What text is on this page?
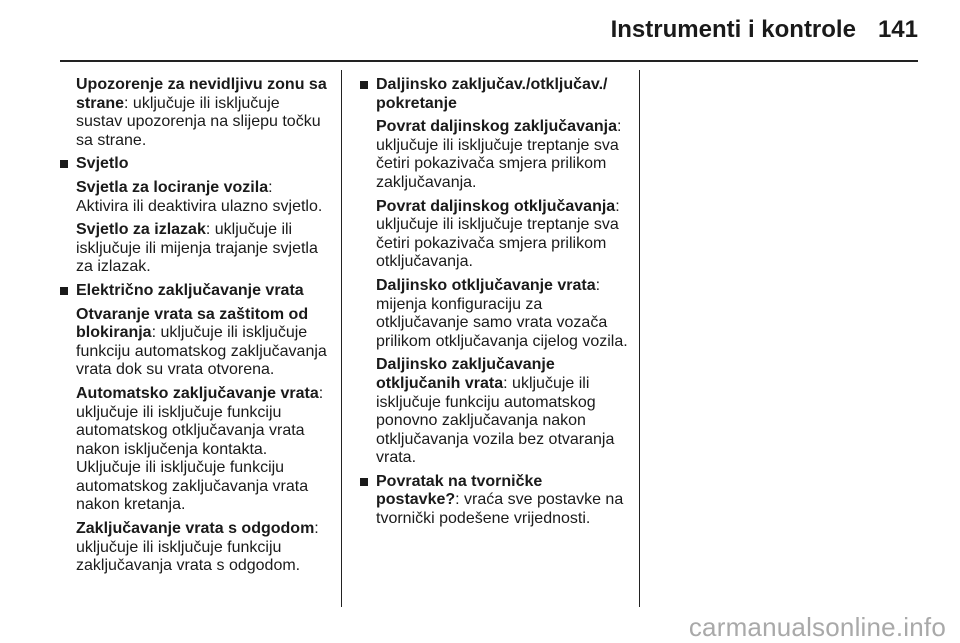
Instrumenti i kontrole 141

Upozorenje za nevidljivu zonu sa strane: uključuje ili isključuje sustav upozorenja na slijepu točku sa strane.

Svjetlo

Svjetla za lociranje vozila: Aktivira ili deaktivira ulazno svjetlo.

Svjetlo za izlazak: uključuje ili isključuje ili mijenja trajanje svjetla za izlazak.

Električno zaključavanje vrata

Otvaranje vrata sa zaštitom od blokiranja: uključuje ili isključuje funkciju automatskog zaključavanja vrata dok su vrata otvorena.

Automatsko zaključavanje vrata: uključuje ili isključuje funkciju automatskog otključavanja vrata nakon isključenja kontakta. Uključuje ili isključuje funkciju automatskog zaključavanja vrata nakon kretanja.

Zaključavanje vrata s odgodom: uključuje ili isključuje funkciju zaključavanja vrata s odgodom.

Daljinsko zaključav./otključav./ pokretanje

Povrat daljinskog zaključavanja: uključuje ili isključuje treptanje sva četiri pokazivača smjera prilikom zaključavanja.

Povrat daljinskog otključavanja: uključuje ili isključuje treptanje sva četiri pokazivača smjera prilikom otključavanja.

Daljinsko otključavanje vrata: mijenja konfiguraciju za otključavanje samo vrata vozača prilikom otključavanja cijelog vozila.

Daljinsko zaključavanje otključanih vrata: uključuje ili isključuje funkciju automatskog ponovno zaključavanja nakon otključavanja vozila bez otvaranja vrata.

Povratak na tvorničke postavke?: vraća sve postavke na tvornički podešene vrijednosti.
carmanualsonline.info
